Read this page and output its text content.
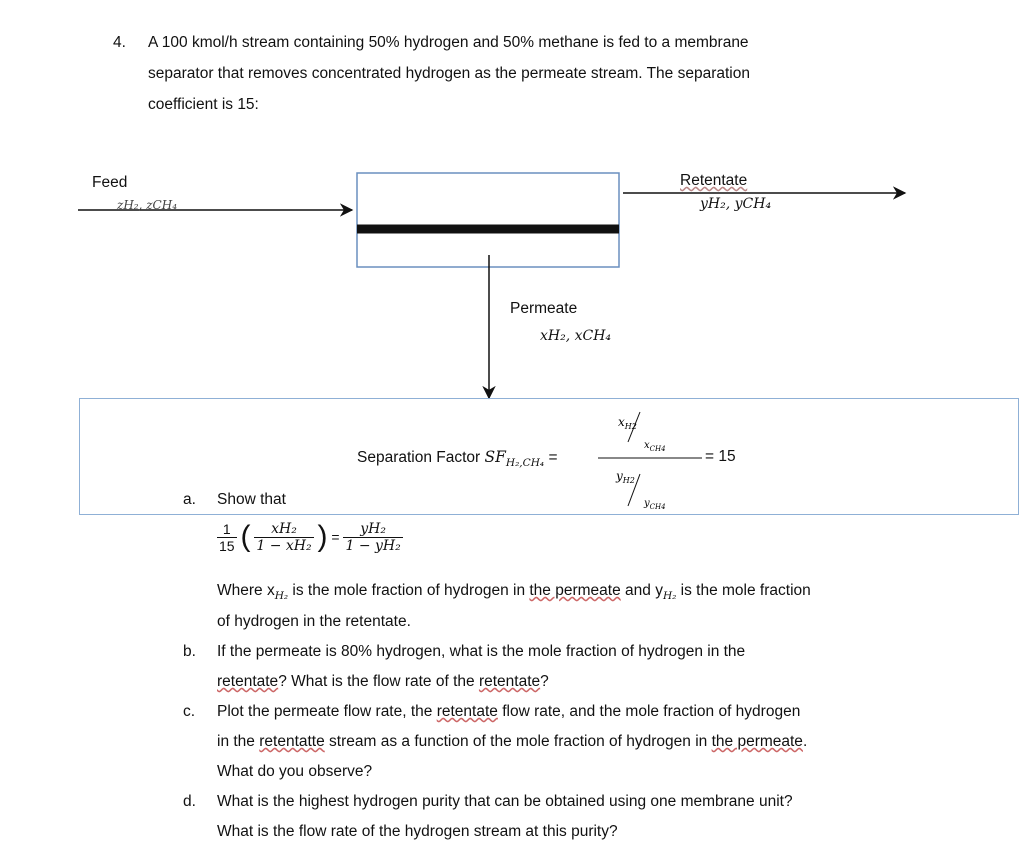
4. A 100 kmol/h stream containing 50% hydrogen and 50% methane is fed to a membrane
separator that removes concentrated hydrogen as the permeate stream. The separation
coefficient is 15:
Feed
zH₂, zCH₄
Retentate
yH₂, yCH₄
Permeate
xH₂, xCH₄
Separation Factor $SF_{H_2,CH_4}$ =
$x_{H2}$
$x_{CH4}$
$y_{H2}$
$y_{CH4}$
= 15
a. Show that
$\frac{1}{15}$ ( $\frac{\text{xH₂}}{\text{1 − xH₂}}$ ) = $\frac{\text{yH₂}}{\text{1 − yH₂}}$
Where $x_{H_2}$ is the mole fraction of hydrogen in the permeate and $y_{H_2}$ is the mole fraction
of hydrogen in the retentate.
b. If the permeate is 80% hydrogen, what is the mole fraction of hydrogen in the
retentate? What is the flow rate of the retentate?
c. Plot the permeate flow rate, the retentate flow rate, and the mole fraction of hydrogen
in the retentatte stream as a function of the mole fraction of hydrogen in the permeate.
What do you observe?
d. What is the highest hydrogen purity that can be obtained using one membrane unit?
What is the flow rate of the hydrogen stream at this purity?
